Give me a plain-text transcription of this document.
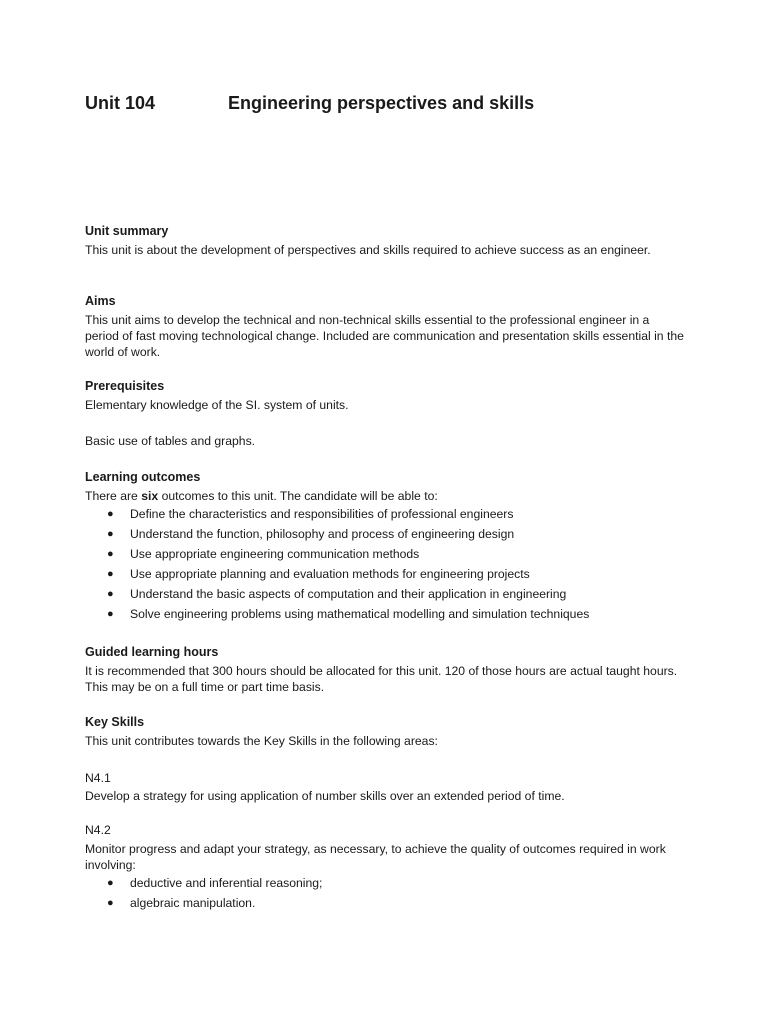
Unit 104	Engineering perspectives and skills
Unit summary

This unit is about the development of perspectives and skills required to achieve success as an engineer.

Aims

This unit aims to develop the technical and non-technical skills essential to the professional engineer in a period of fast moving technological change. Included are communication and presentation skills essential in the world of work.

Prerequisites

Elementary knowledge of the SI. system of units.

Basic use of tables and graphs.

Learning outcomes

There are six outcomes to this unit. The candidate will be able to:

● Define the characteristics and responsibilities of professional engineers
● Understand the function, philosophy and process of engineering design
● Use appropriate engineering communication methods
● Use appropriate planning and evaluation methods for engineering projects
● Understand the basic aspects of computation and their application in engineering
● Solve engineering problems using mathematical modelling and simulation techniques
Guided learning hours

It is recommended that 300 hours should be allocated for this unit. 120 of those hours are actual taught hours. This may be on a full time or part time basis.

Key Skills

This unit contributes towards the Key Skills in the following areas:

N4.1

Develop a strategy for using application of number skills over an extended period of time.

N4.2

Monitor progress and adapt your strategy, as necessary, to achieve the quality of outcomes required in work involving:

● deductive and inferential reasoning;
● algebraic manipulation.
